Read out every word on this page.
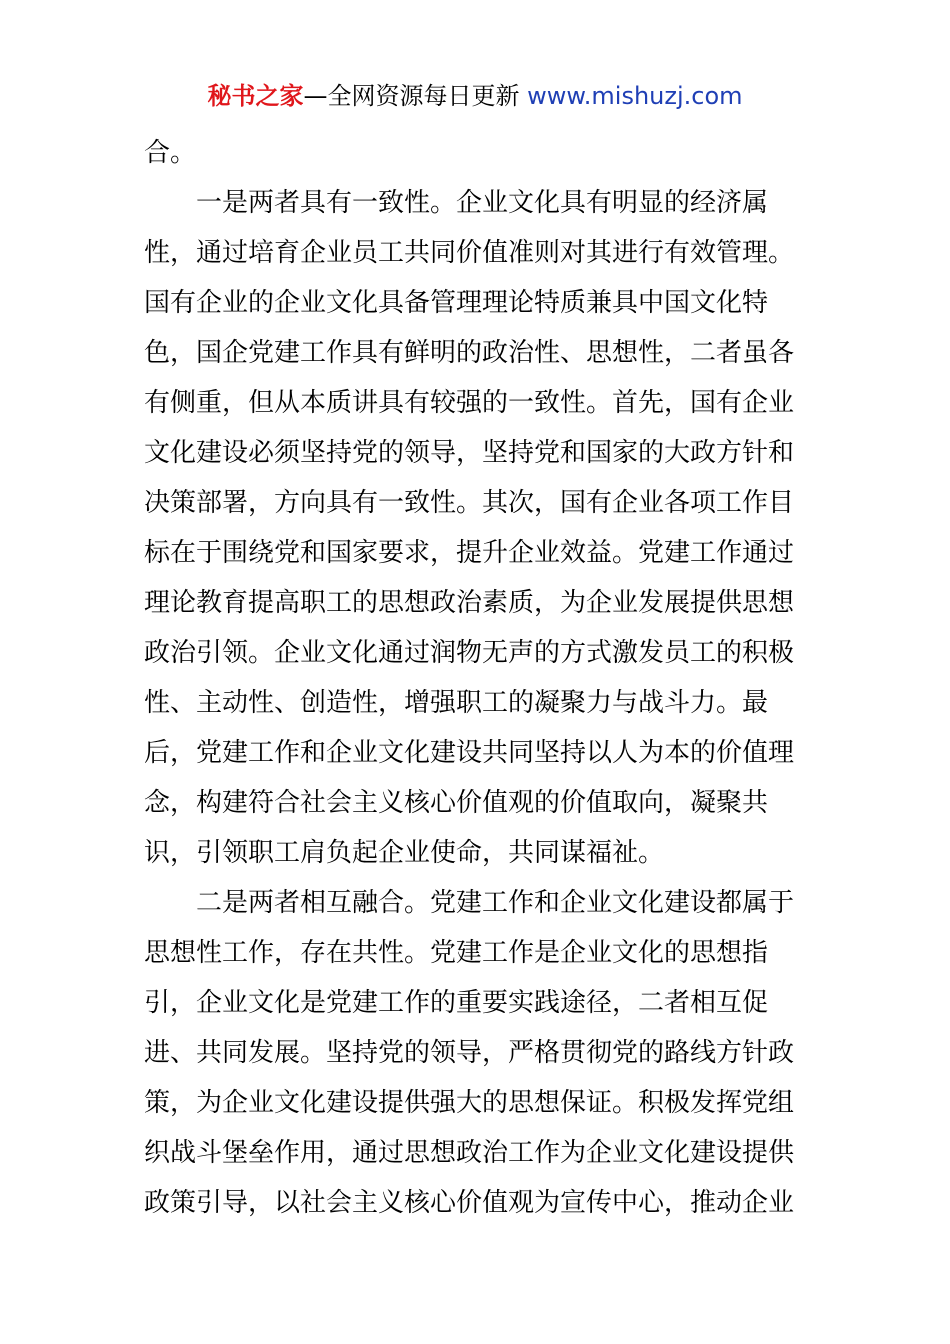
秘书之家—全网资源每日更新 www.mishuzj.com
合。
一是两者具有一致性。企业文化具有明显的经济属
性，通过培育企业员工共同价值准则对其进行有效管理。
国有企业的企业文化具备管理理论特质兼具中国文化特
色，国企党建工作具有鲜明的政治性、思想性，二者虽各
有侧重，但从本质讲具有较强的一致性。首先，国有企业
文化建设必须坚持党的领导，坚持党和国家的大政方针和
决策部署，方向具有一致性。其次，国有企业各项工作目
标在于围绕党和国家要求，提升企业效益。党建工作通过
理论教育提高职工的思想政治素质，为企业发展提供思想
政治引领。企业文化通过润物无声的方式激发员工的积极
性、主动性、创造性，增强职工的凝聚力与战斗力。最
后，党建工作和企业文化建设共同坚持以人为本的价值理
念，构建符合社会主义核心价值观的价值取向，凝聚共
识，引领职工肩负起企业使命，共同谋福祉。
二是两者相互融合。党建工作和企业文化建设都属于
思想性工作，存在共性。党建工作是企业文化的思想指
引，企业文化是党建工作的重要实践途径，二者相互促
进、共同发展。坚持党的领导，严格贯彻党的路线方针政
策，为企业文化建设提供强大的思想保证。积极发挥党组
织战斗堡垒作用，通过思想政治工作为企业文化建设提供
政策引导，以社会主义核心价值观为宣传中心，推动企业
